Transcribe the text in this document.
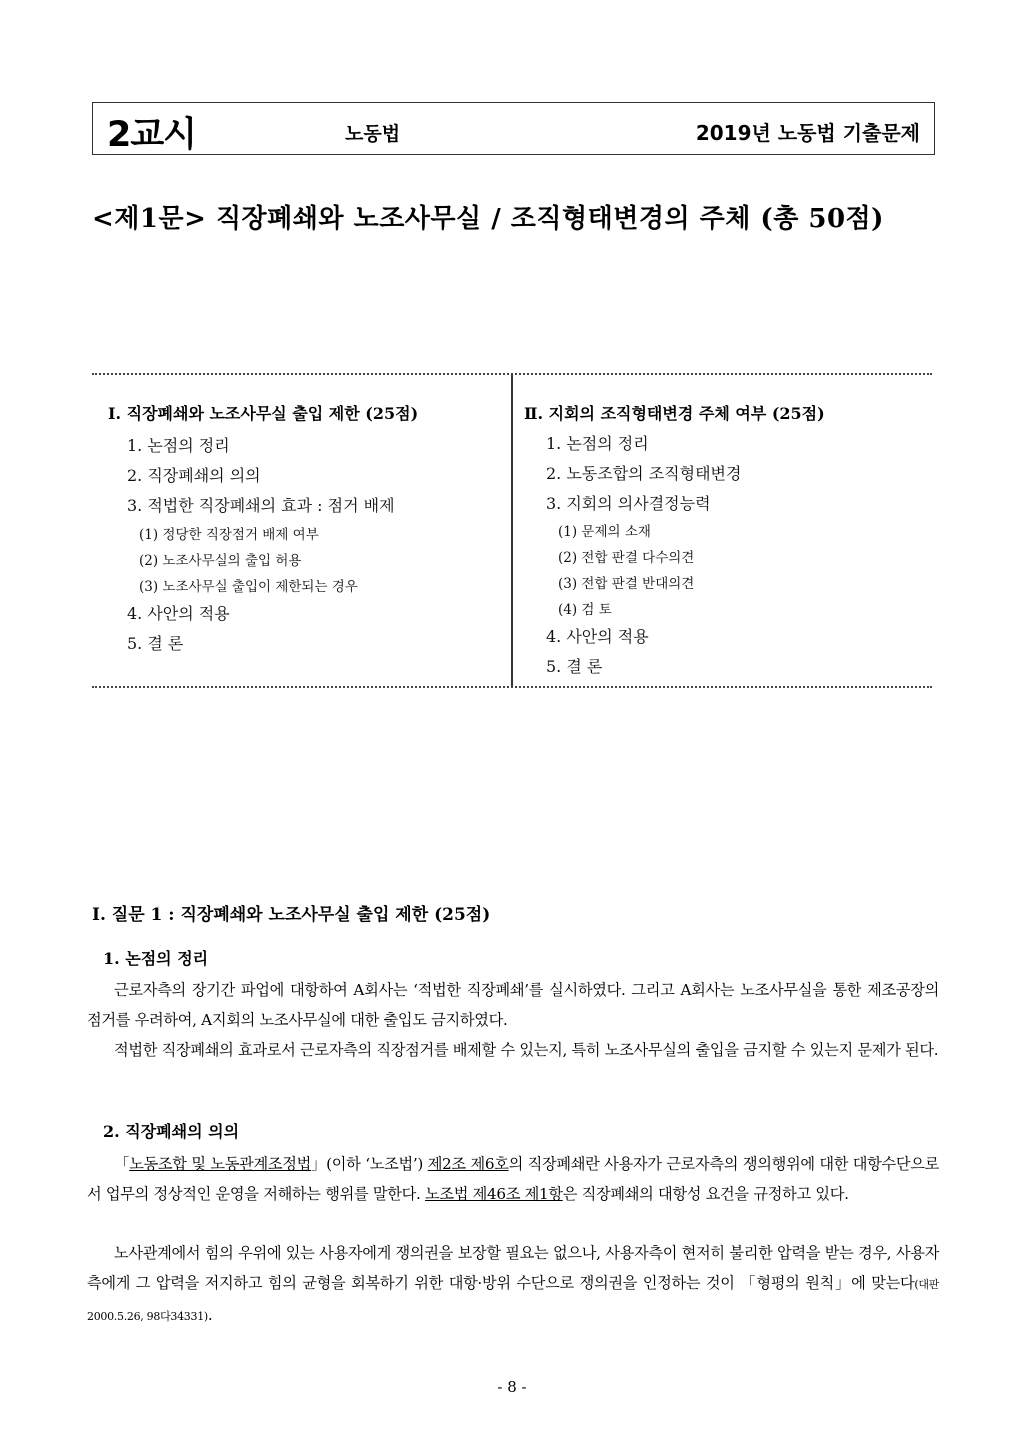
2교시	노동법	2019년 노동법 기출문제
<제1문> 직장폐쇄와 노조사무실 / 조직형태변경의 주체 (총 50점)
Ⅰ. 직장폐쇄와 노조사무실 출입 제한 (25점)
1. 논점의 정리
2. 직장폐쇄의 의의
3. 적법한 직장폐쇄의 효과 : 점거 배제
(1) 정당한 직장점거 배제 여부
(2) 노조사무실의 출입 허용
(3) 노조사무실 출입이 제한되는 경우
4. 사안의 적용
5. 결 론
Ⅱ. 지회의 조직형태변경 주체 여부 (25점)
1. 논점의 정리
2. 노동조합의 조직형태변경
3. 지회의 의사결정능력
(1) 문제의 소재
(2) 전합 판결 다수의견
(3) 전합 판결 반대의견
(4) 검 토
4. 사안의 적용
5. 결 론
Ⅰ. 질문 1 : 직장폐쇄와 노조사무실 출입 제한 (25점)
1. 논점의 정리
근로자측의 장기간 파업에 대항하여 A회사는 ‘적법한 직장폐쇄’를 실시하였다. 그리고 A회사는 노조사무실을 통한 제조공장의 점거를 우려하여, A지회의 노조사무실에 대한 출입도 금지하였다.
적법한 직장폐쇄의 효과로서 근로자측의 직장점거를 배제할 수 있는지, 특히 노조사무실의 출입을 금지할 수 있는지 문제가 된다.
2. 직장폐쇄의 의의
「노동조합 및 노동관계조정법」(이하 ‘노조법’) 제2조 제6호의 직장폐쇄란 사용자가 근로자측의 쟁의행위에 대한 대항수단으로서 업무의 정상적인 운영을 저해하는 행위를 말한다. 노조법 제46조 제1항은 직장폐쇄의 대항성 요건을 규정하고 있다.
노사관계에서 힘의 우위에 있는 사용자에게 쟁의권을 보장할 필요는 없으나, 사용자측이 현저히 불리한 압력을 받는 경우, 사용자측에게 그 압력을 저지하고 힘의 균형을 회복하기 위한 대항·방위 수단으로 쟁의권을 인정하는 것이 「형평의 원칙」에 맞는다(대판 2000.5.26, 98다34331).
- 8 -
